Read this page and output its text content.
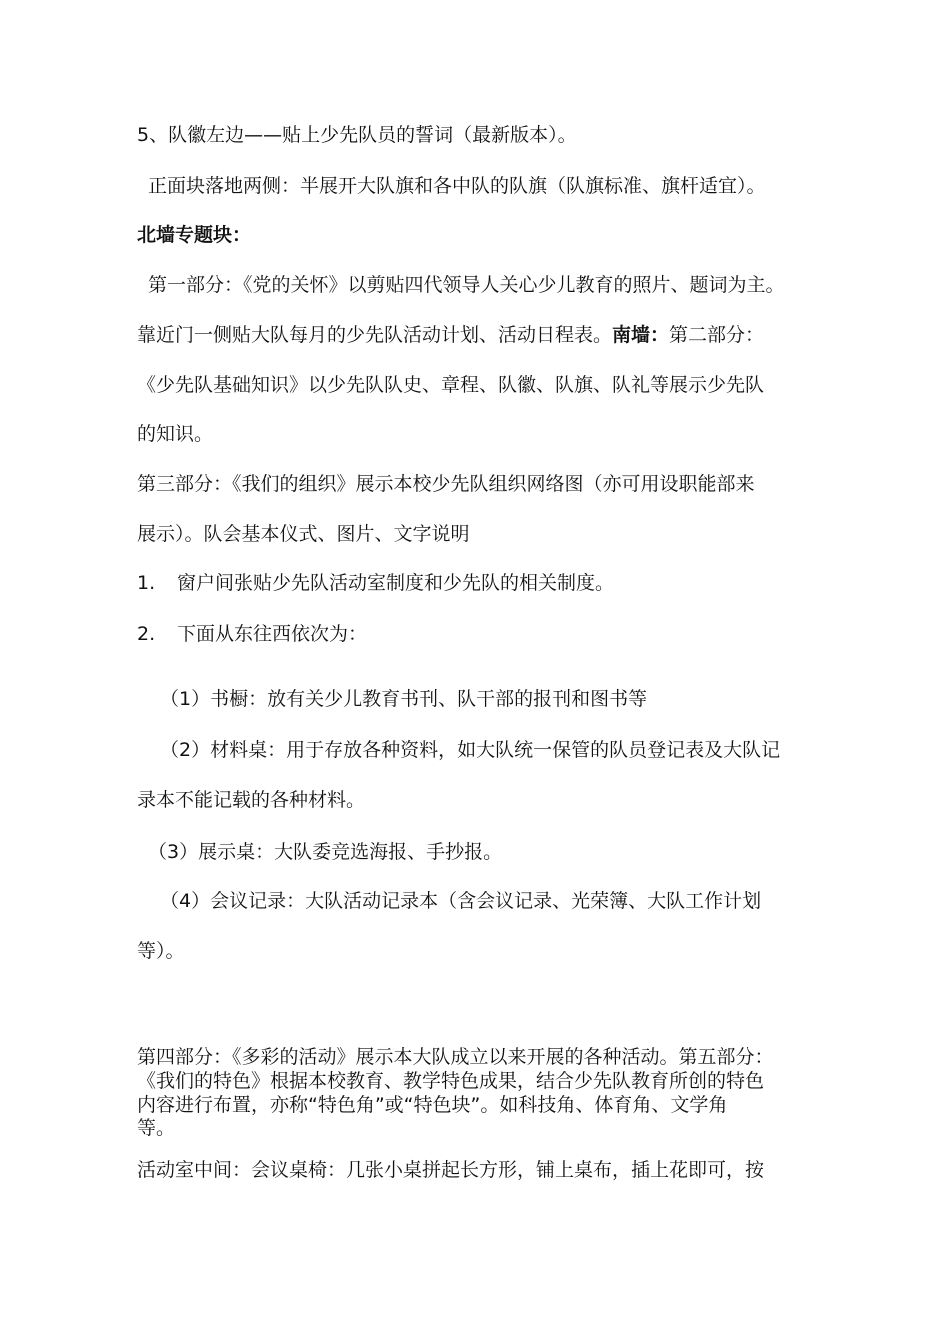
5、队徽左边——贴上少先队员的誓词（最新版本）。
正面块落地两侧：半展开大队旗和各中队的队旗（队旗标准、旗杆适宜）。
北墙专题块：
第一部分：《党的关怀》以剪贴四代领导人关心少儿教育的照片、题词为主。
靠近门一侧贴大队每月的少先队活动计划、活动日程表。南墙：第二部分：
《少先队基础知识》以少先队队史、章程、队徽、队旗、队礼等展示少先队
的知识。
第三部分：《我们的组织》展示本校少先队组织网络图（亦可用设职能部来
展示）。队会基本仪式、图片、文字说明
1. 窗户间张贴少先队活动室制度和少先队的相关制度。
2. 下面从东往西依次为：
（1）书橱：放有关少儿教育书刊、队干部的报刊和图书等
（2）材料桌：用于存放各种资料，如大队统一保管的队员登记表及大队记
录本不能记载的各种材料。
（3）展示桌：大队委竞选海报、手抄报。
（4）会议记录：大队活动记录本（含会议记录、光荣簿、大队工作计划
等）。
第四部分：《多彩的活动》展示本大队成立以来开展的各种活动。第五部分：
《我们的特色》根据本校教育、教学特色成果，结合少先队教育所创的特色
内容进行布置，亦称“特色角”或“特色块”。如科技角、体育角、文学角
等。
活动室中间：会议桌椅：几张小桌拼起长方形，铺上桌布，插上花即可，按
